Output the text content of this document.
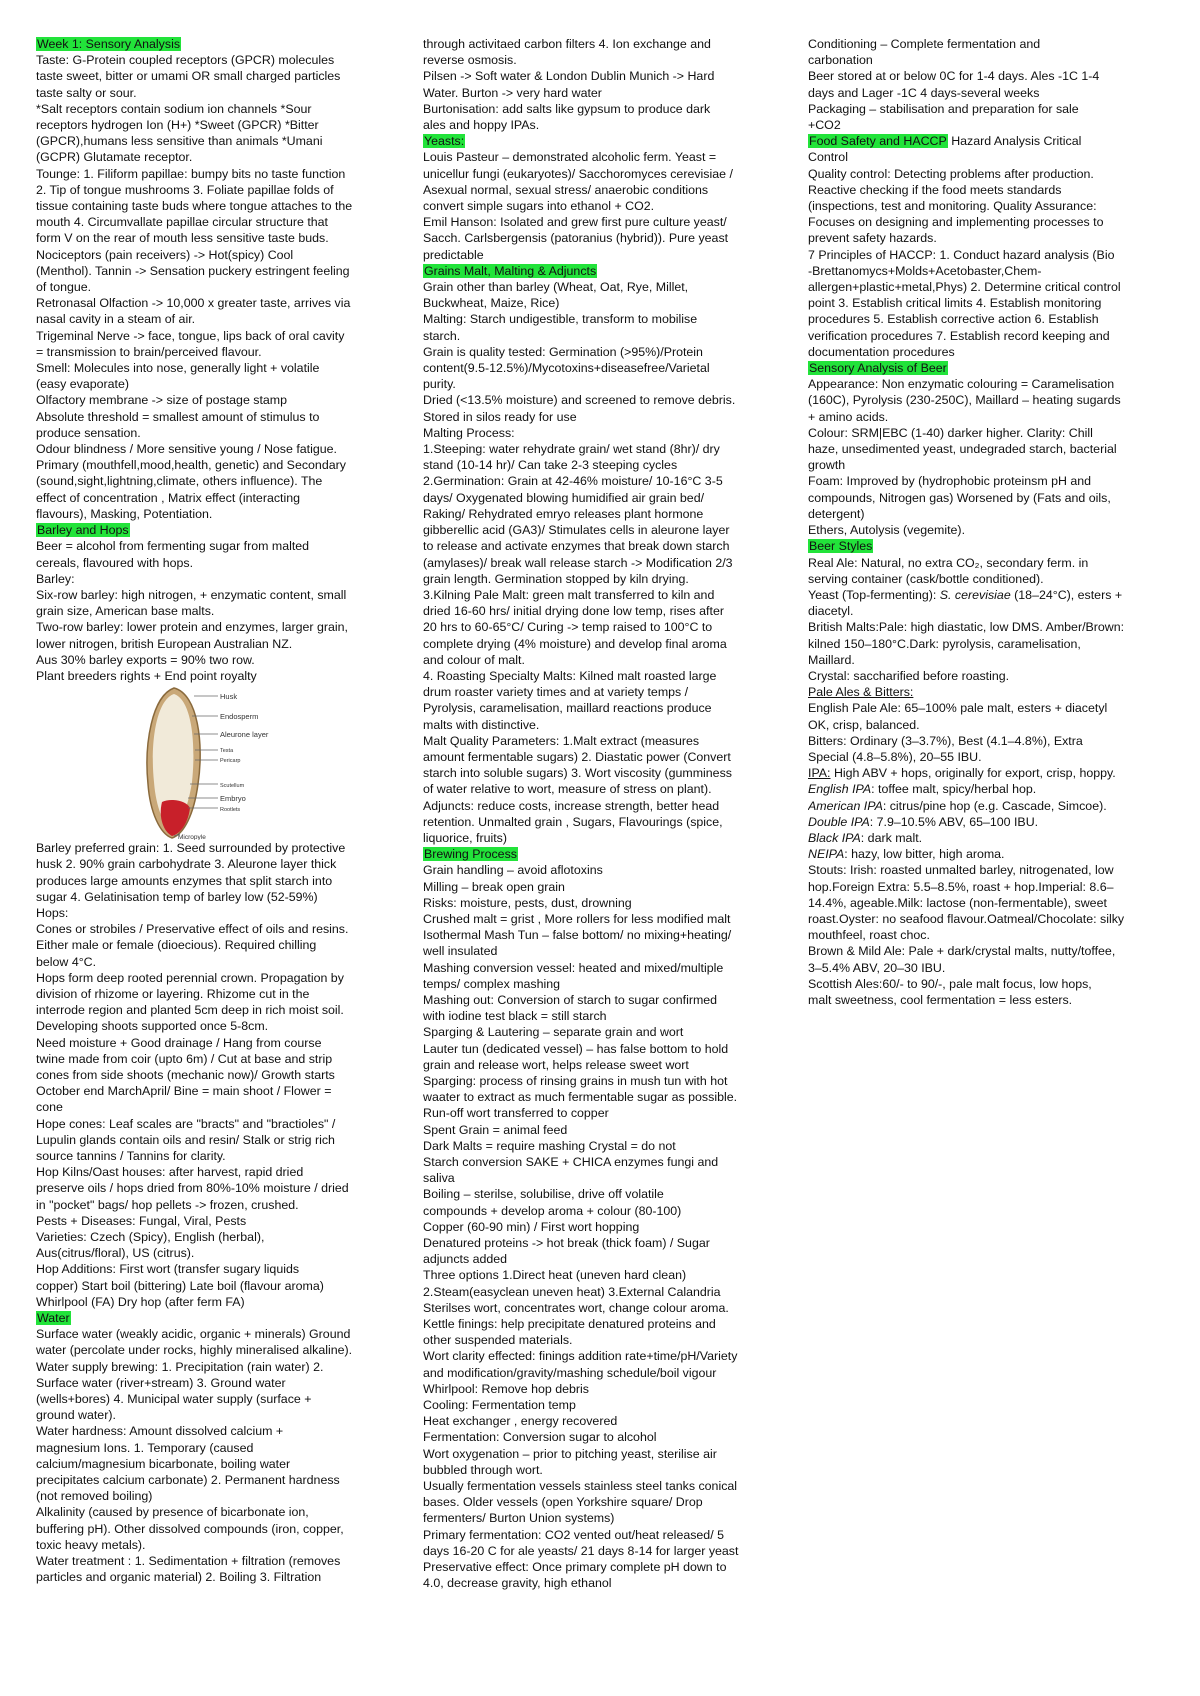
Week 1: Sensory Analysis
Taste: G-Protein coupled receptors (GPCR) molecules
taste sweet, bitter or umami OR small charged particles
taste salty or sour.
*Salt receptors contain sodium ion channels *Sour
receptors hydrogen Ion (H+) *Sweet (GPCR) *Bitter
(GPCR),humans less sensitive than animals *Umani
(GCPR) Glutamate receptor.
Tounge: 1. Filiform papillae: bumpy bits no taste function
2. Tip of tongue mushrooms 3. Foliate papillae folds of
tissue containing taste buds where tongue attaches to the
mouth 4. Circumvallate papillae circular structure that
form V on the rear of mouth less sensitive taste buds.
Nociceptors (pain receivers) -> Hot(spicy) Cool
(Menthol). Tannin -> Sensation puckery estringent feeling
of tongue.
Retronasal Olfaction -> 10,000 x greater taste, arrives via
nasal cavity in a steam of air.
Trigeminal Nerve -> face, tongue, lips back of oral cavity
= transmission to brain/perceived flavour.
Smell: Molecules into nose, generally light + volatile
(easy evaporate)
Olfactory membrane -> size of postage stamp
Absolute threshold = smallest amount of stimulus to
produce sensation.
Odour blindness / More sensitive young / Nose fatigue.
Primary (mouthfell,mood,health, genetic) and Secondary
(sound,sight,lightning,climate, others influence). The
effect of concentration , Matrix effect (interacting
flavours), Masking, Potentiation.
Barley and Hops
Beer = alcohol from fermenting sugar from malted
cereals, flavoured with hops.
Barley:
Six-row barley: high nitrogen, + enzymatic content, small
grain size, American base malts.
Two-row barley: lower protein and enzymes, larger grain,
lower nitrogen, british European Australian NZ.
Aus 30% barley exports = 90% two row.
Plant breeders rights + End point royalty
Husk
Endosperm
Aleurone layer
Testa
Pericarp
Scutellum
Embryo
Rootlets
Micropyle
Barley preferred grain: 1. Seed surrounded by protective
husk 2. 90% grain carbohydrate 3. Aleurone layer thick
produces large amounts enzymes that split starch into
sugar 4. Gelatinisation temp of barley low (52-59%)
Hops:
Cones or strobiles / Preservative effect of oils and resins.
Either male or female (dioecious). Required chilling
below 4°C.
Hops form deep rooted perennial crown. Propagation by
division of rhizome or layering. Rhizome cut in the
interrode region and planted 5cm deep in rich moist soil.
Developing shoots supported once 5-8cm.
Need moisture + Good drainage / Hang from course
twine made from coir (upto 6m) / Cut at base and strip
cones from side shoots (mechanic now)/ Growth starts
October end MarchApril/ Bine = main shoot / Flower =
cone
Hope cones: Leaf scales are "bracts" and "bractioles" /
Lupulin glands contain oils and resin/ Stalk or strig rich
source tannins / Tannins for clarity.
Hop Kilns/Oast houses: after harvest, rapid dried
preserve oils / hops dried from 80%-10% moisture / dried
in "pocket" bags/ hop pellets -> frozen, crushed.
Pests + Diseases: Fungal, Viral, Pests
Varieties: Czech (Spicy), English (herbal),
Aus(citrus/floral), US (citrus).
Hop Additions: First wort (transfer sugary liquids
copper) Start boil (bittering) Late boil (flavour aroma)
Whirlpool (FA) Dry hop (after ferm FA)
Water
Surface water (weakly acidic, organic + minerals) Ground
water (percolate under rocks, highly mineralised alkaline).
Water supply brewing: 1. Precipitation (rain water) 2.
Surface water (river+stream) 3. Ground water
(wells+bores) 4. Municipal water supply (surface +
ground water).
Water hardness: Amount dissolved calcium +
magnesium Ions. 1. Temporary (caused
calcium/magnesium bicarbonate, boiling water
precipitates calcium carbonate) 2. Permanent hardness
(not removed boiling)
Alkalinity (caused by presence of bicarbonate ion,
buffering pH). Other dissolved compounds (iron, copper,
toxic heavy metals).
Water treatment : 1. Sedimentation + filtration (removes
particles and organic material) 2. Boiling 3. Filtration
through activitaed carbon filters 4. Ion exchange and
reverse osmosis.
Pilsen -> Soft water & London Dublin Munich -> Hard
Water. Burton -> very hard water
Burtonisation: add salts like gypsum to produce dark
ales and hoppy IPAs.
Yeasts:
Louis Pasteur – demonstrated alcoholic ferm. Yeast =
unicellur fungi (eukaryotes)/ Sacchoromyces cerevisiae /
Asexual normal, sexual stress/ anaerobic conditions
convert simple sugars into ethanol + CO2.
Emil Hanson: Isolated and grew first pure culture yeast/
Sacch. Carlsbergensis (patoranius (hybrid)). Pure yeast
predictable
Grains Malt, Malting & Adjuncts
Grain other than barley (Wheat, Oat, Rye, Millet,
Buckwheat, Maize, Rice)
Malting: Starch undigestible, transform to mobilise
starch.
Grain is quality tested: Germination (>95%)/Protein
content(9.5-12.5%)/Mycotoxins+diseasefree/Varietal
purity.
Dried (<13.5% moisture) and screened to remove debris.
Stored in silos ready for use
Malting Process:
1.Steeping: water rehydrate grain/ wet stand (8hr)/ dry
stand (10-14 hr)/ Can take 2-3 steeping cycles
2.Germination: Grain at 42-46% moisture/ 10-16°C 3-5
days/ Oxygenated blowing humidified air grain bed/
Raking/ Rehydrated emryo releases plant hormone
gibberellic acid (GA3)/ Stimulates cells in aleurone layer
to release and activate enzymes that break down starch
(amylases)/ break wall release starch -> Modification 2/3
grain length. Germination stopped by kiln drying.
3.Kilning Pale Malt: green malt transferred to kiln and
dried 16-60 hrs/ initial drying done low temp, rises after
20 hrs to 60-65°C/ Curing -> temp raised to 100°C to
complete drying (4% moisture) and develop final aroma
and colour of malt.
4. Roasting Specialty Malts: Kilned malt roasted large
drum roaster variety times and at variety temps /
Pyrolysis, caramelisation, maillard reactions produce
malts with distinctive.
Malt Quality Parameters: 1.Malt extract (measures
amount fermentable sugars) 2. Diastatic power (Convert
starch into soluble sugars) 3. Wort viscosity (gumminess
of water relative to wort, measure of stress on plant).
Adjuncts: reduce costs, increase strength, better head
retention. Unmalted grain , Sugars, Flavourings (spice,
liquorice, fruits)
Brewing Process
Grain handling – avoid aflotoxins
Milling – break open grain
Risks: moisture, pests, dust, drowning
Crushed malt = grist , More rollers for less modified malt
Isothermal Mash Tun – false bottom/ no mixing+heating/
well insulated
Mashing conversion vessel: heated and mixed/multiple
temps/ complex mashing
Mashing out: Conversion of starch to sugar confirmed
with iodine test black = still starch
Sparging & Lautering – separate grain and wort
Lauter tun (dedicated vessel) – has false bottom to hold
grain and release wort, helps release sweet wort
Sparging: process of rinsing grains in mush tun with hot
waater to extract as much fermentable sugar as possible.
Run-off wort transferred to copper
Spent Grain = animal feed
Dark Malts = require mashing Crystal = do not
Starch conversion SAKE + CHICA enzymes fungi and
saliva
Boiling – sterilse, solubilise, drive off volatile
compounds + develop aroma + colour (80-100)
Copper (60-90 min) / First wort hopping
Denatured proteins -> hot break (thick foam) / Sugar
adjuncts added
Three options 1.Direct heat (uneven hard clean)
2.Steam(easyclean uneven heat) 3.External Calandria
Sterilses wort, concentrates wort, change colour aroma.
Kettle finings: help precipitate denatured proteins and
other suspended materials.
Wort clarity effected: finings addition rate+time/pH/Variety
and modification/gravity/mashing schedule/boil vigour
Whirlpool: Remove hop debris
Cooling: Fermentation temp
Heat exchanger , energy recovered
Fermentation: Conversion sugar to alcohol
Wort oxygenation – prior to pitching yeast, sterilise air
bubbled through wort.
Usually fermentation vessels stainless steel tanks conical
bases. Older vessels (open Yorkshire square/ Drop
fermenters/ Burton Union systems)
Primary fermentation: CO2 vented out/heat released/ 5
days 16-20 C for ale yeasts/ 21 days 8-14 for larger yeast
Preservative effect: Once primary complete pH down to
4.0, decrease gravity, high ethanol
Conditioning – Complete fermentation and
carbonation
Beer stored at or below 0C for 1-4 days. Ales -1C 1-4
days and Lager -1C 4 days-several weeks
Packaging – stabilisation and preparation for sale
+CO2
Food Safety and HACCP Hazard Analysis Critical
Control
Quality control: Detecting problems after production.
Reactive checking if the food meets standards
(inspections, test and monitoring. Quality Assurance:
Focuses on designing and implementing processes to
prevent safety hazards.
7 Principles of HACCP: 1. Conduct hazard analysis (Bio
-Brettanomycs+Molds+Acetobaster,Chem-
allergen+plastic+metal,Phys) 2. Determine critical control
point 3. Establish critical limits 4. Establish monitoring
procedures 5. Establish corrective action 6. Establish
verification procedures 7. Establish record keeping and
documentation procedures
Sensory Analysis of Beer
Appearance: Non enzymatic colouring = Caramelisation
(160C), Pyrolysis (230-250C), Maillard – heating sugards
+ amino acids.
Colour: SRM|EBC (1-40) darker higher. Clarity: Chill
haze, unsedimented yeast, undegraded starch, bacterial
growth
Foam: Improved by (hydrophobic proteinsm pH and
compounds, Nitrogen gas) Worsened by (Fats and oils,
detergent)
Ethers, Autolysis (vegemite).
Beer Styles
Real Ale: Natural, no extra CO₂, secondary ferm. in
serving container (cask/bottle conditioned).
Yeast (Top-fermenting): S. cerevisiae (18–24°C), esters +
diacetyl.
British Malts:Pale: high diastatic, low DMS. Amber/Brown:
kilned 150–180°C.Dark: pyrolysis, caramelisation,
Maillard.
Crystal: saccharified before roasting.
Pale Ales & Bitters:
English Pale Ale: 65–100% pale malt, esters + diacetyl
OK, crisp, balanced.
Bitters: Ordinary (3–3.7%), Best (4.1–4.8%), Extra
Special (4.8–5.8%), 20–55 IBU.
IPA: High ABV + hops, originally for export, crisp, hoppy.
English IPA: toffee malt, spicy/herbal hop.
American IPA: citrus/pine hop (e.g. Cascade, Simcoe).
Double IPA: 7.9–10.5% ABV, 65–100 IBU.
Black IPA: dark malt.
NEIPA: hazy, low bitter, high aroma.
Stouts: Irish: roasted unmalted barley, nitrogenated, low
hop.Foreign Extra: 5.5–8.5%, roast + hop.Imperial: 8.6–
14.4%, ageable.Milk: lactose (non-fermentable), sweet
roast.Oyster: no seafood flavour.Oatmeal/Chocolate: silky
mouthfeel, roast choc.
Brown & Mild Ale: Pale + dark/crystal malts, nutty/toffee,
3–5.4% ABV, 20–30 IBU.
Scottish Ales:60/- to 90/-, pale malt focus, low hops,
malt sweetness, cool fermentation = less esters.
